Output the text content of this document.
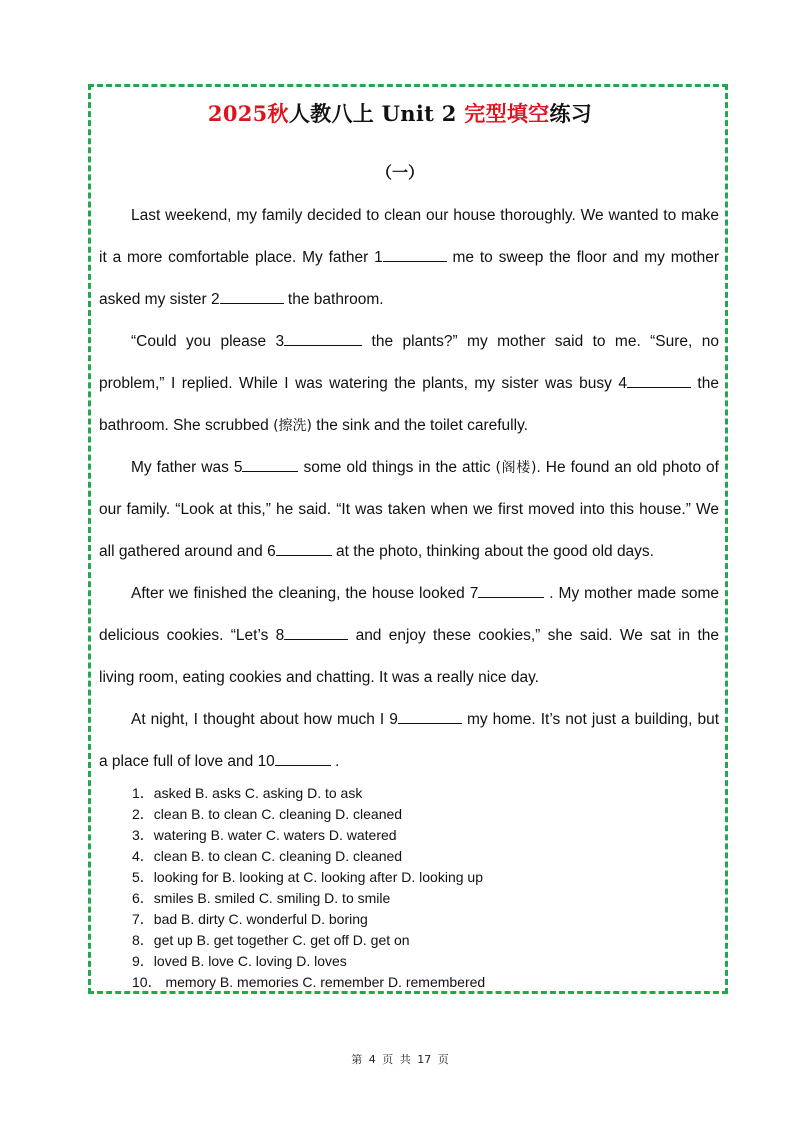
2025秋人教八上 Unit 2 完型填空练习
（一）

Last weekend, my family decided to clean our house thoroughly. We wanted to make it a more comfortable place. My father 1	me to sweep the floor and my mother asked my sister 2	the bathroom.

“Could you please 3	the plants?” my mother said to me. “Sure, no problem,” I replied. While I was watering the plants, my sister was busy 4	the bathroom. She scrubbed (擦洗) the sink and the toilet carefully.

My father was 5	some old things in the attic (阁楼). He found an old photo of our family. “Look at this,” he said. “It was taken when we first moved into this house.” We all gathered around and 6	at the photo, thinking about the good old days.

After we finished the cleaning, the house looked 7	. My mother made some delicious cookies. “Let’s 8	and enjoy these cookies,” she said. We sat in the living room, eating cookies and chatting. It was a really nice day.

At night, I thought about how much I 9	my home. It’s not just a building, but a place full of love and 10	.

1．asked B. asks C. asking D. to ask
2．clean B. to clean C. cleaning D. cleaned
3．watering B. water C. waters D. watered
4．clean B. to clean C. cleaning D. cleaned
5．looking for B. looking at C. looking after D. looking up
6．smiles B. smiled C. smiling D. to smile
7．bad B. dirty C. wonderful D. boring
8．get up B. get together C. get off D. get on
9．loved B. love C. loving D. loves
10． memory B. memories C. remember D. remembered
第 4 页 共 17 页
